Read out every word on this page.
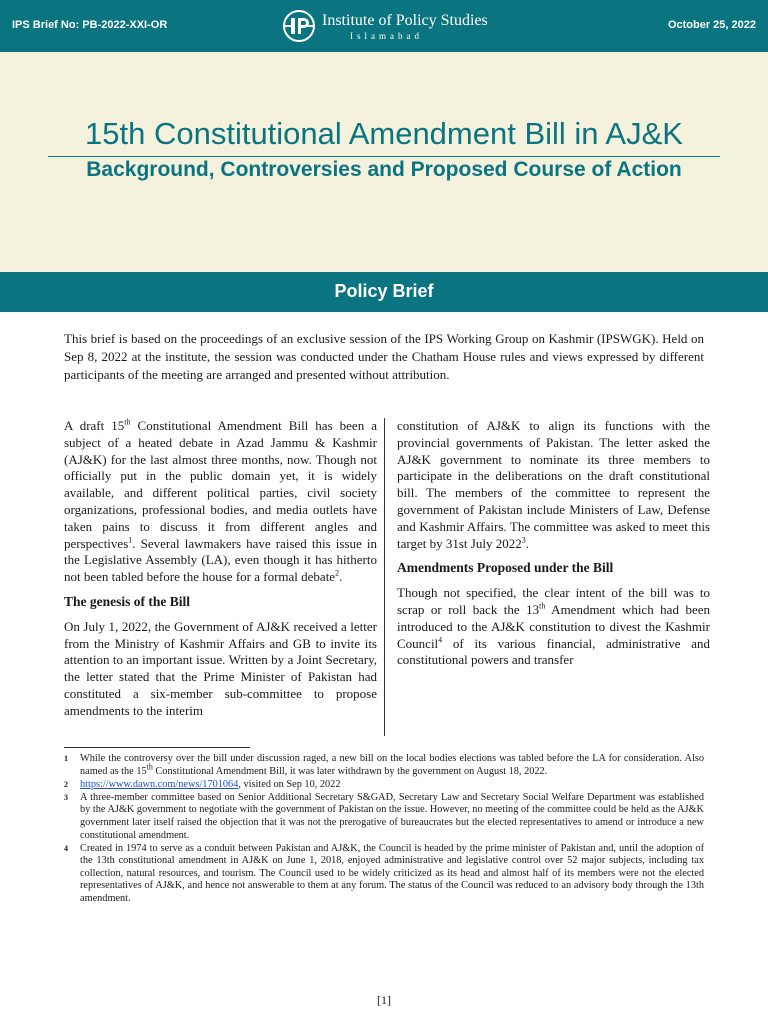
IPS Brief No: PB-2022-XXI-OR	Institute of Policy Studies
Islamabad
October 25, 2022
15th Constitutional Amendment Bill in AJ&K
Background, Controversies and Proposed Course of Action
Policy Brief

This brief is based on the proceedings of an exclusive session of the IPS Working Group on Kashmir (IPSWGK). Held on Sep 8, 2022 at the institute, the session was conducted under the Chatham House rules and views expressed by different participants of the meeting are arranged and presented without attribution.

A draft 15th Constitutional Amendment Bill has been a subject of a heated debate in Azad Jammu & Kashmir (AJ&K) for the last almost three months, now. Though not officially put in the public domain yet, it is widely available, and different political parties, civil society organizations, professional bodies, and media outlets have taken pains to discuss it from different angles and perspectives$^1$. Several lawmakers have raised this issue in the Legislative Assembly (LA), even though it has hitherto not been tabled before the house for a formal debate$^2$.

The genesis of the Bill

On July 1, 2022, the Government of AJ&K received a letter from the Ministry of Kashmir Affairs and GB to invite its attention to an important issue. Written by a Joint Secretary, the letter stated that the Prime Minister of Pakistan had constituted a six-member sub-committee to propose amendments to the interim

constitution of AJ&K to align its functions with the provincial governments of Pakistan. The letter asked the AJ&K government to nominate its three members to participate in the deliberations on the draft constitutional bill. The members of the committee to represent the government of Pakistan include Ministers of Law, Defense and Kashmir Affairs. The committee was asked to meet this target by 31st July 2022$^3$.

Amendments Proposed under the Bill

Though not specified, the clear intent of the bill was to scrap or roll back the 13th Amendment which had been introduced to the AJ&K constitution to divest the Kashmir Council$^4$ of its various financial, administrative and constitutional powers and transfer

1 While the controversy over the bill under discussion raged, a new bill on the local bodies elections was tabled before the LA for consideration. Also named as the 15th Constitutional Amendment Bill, it was later withdrawn by the government on August 18, 2022.
2 https://www.dawn.com/news/1701064, visited on Sep 10, 2022
3 A three-member committee based on Senior Additional Secretary S&GAD, Secretary Law and Secretary Social Welfare Department was established by the AJ&K government to negotiate with the government of Pakistan on the issue. However, no meeting of the committee could be held as the AJ&K government later itself raised the objection that it was not the prerogative of bureaucrates but the elected representatives to amend or introduce a new constitutional amendment.
4 Created in 1974 to serve as a conduit between Pakistan and AJ&K, the Council is headed by the prime minister of Pakistan and, until the adoption of the 13th constitutional amendment in AJ&K on June 1, 2018, enjoyed administrative and legislative control over 52 major subjects, including tax collection, natural resources, and tourism. The Council used to be widely criticized as its head and almost half of its members were not the elected representatives of AJ&K, and hence not answerable to them at any forum. The status of the Council was reduced to an advisory body through the 13th amendment.
[1]
